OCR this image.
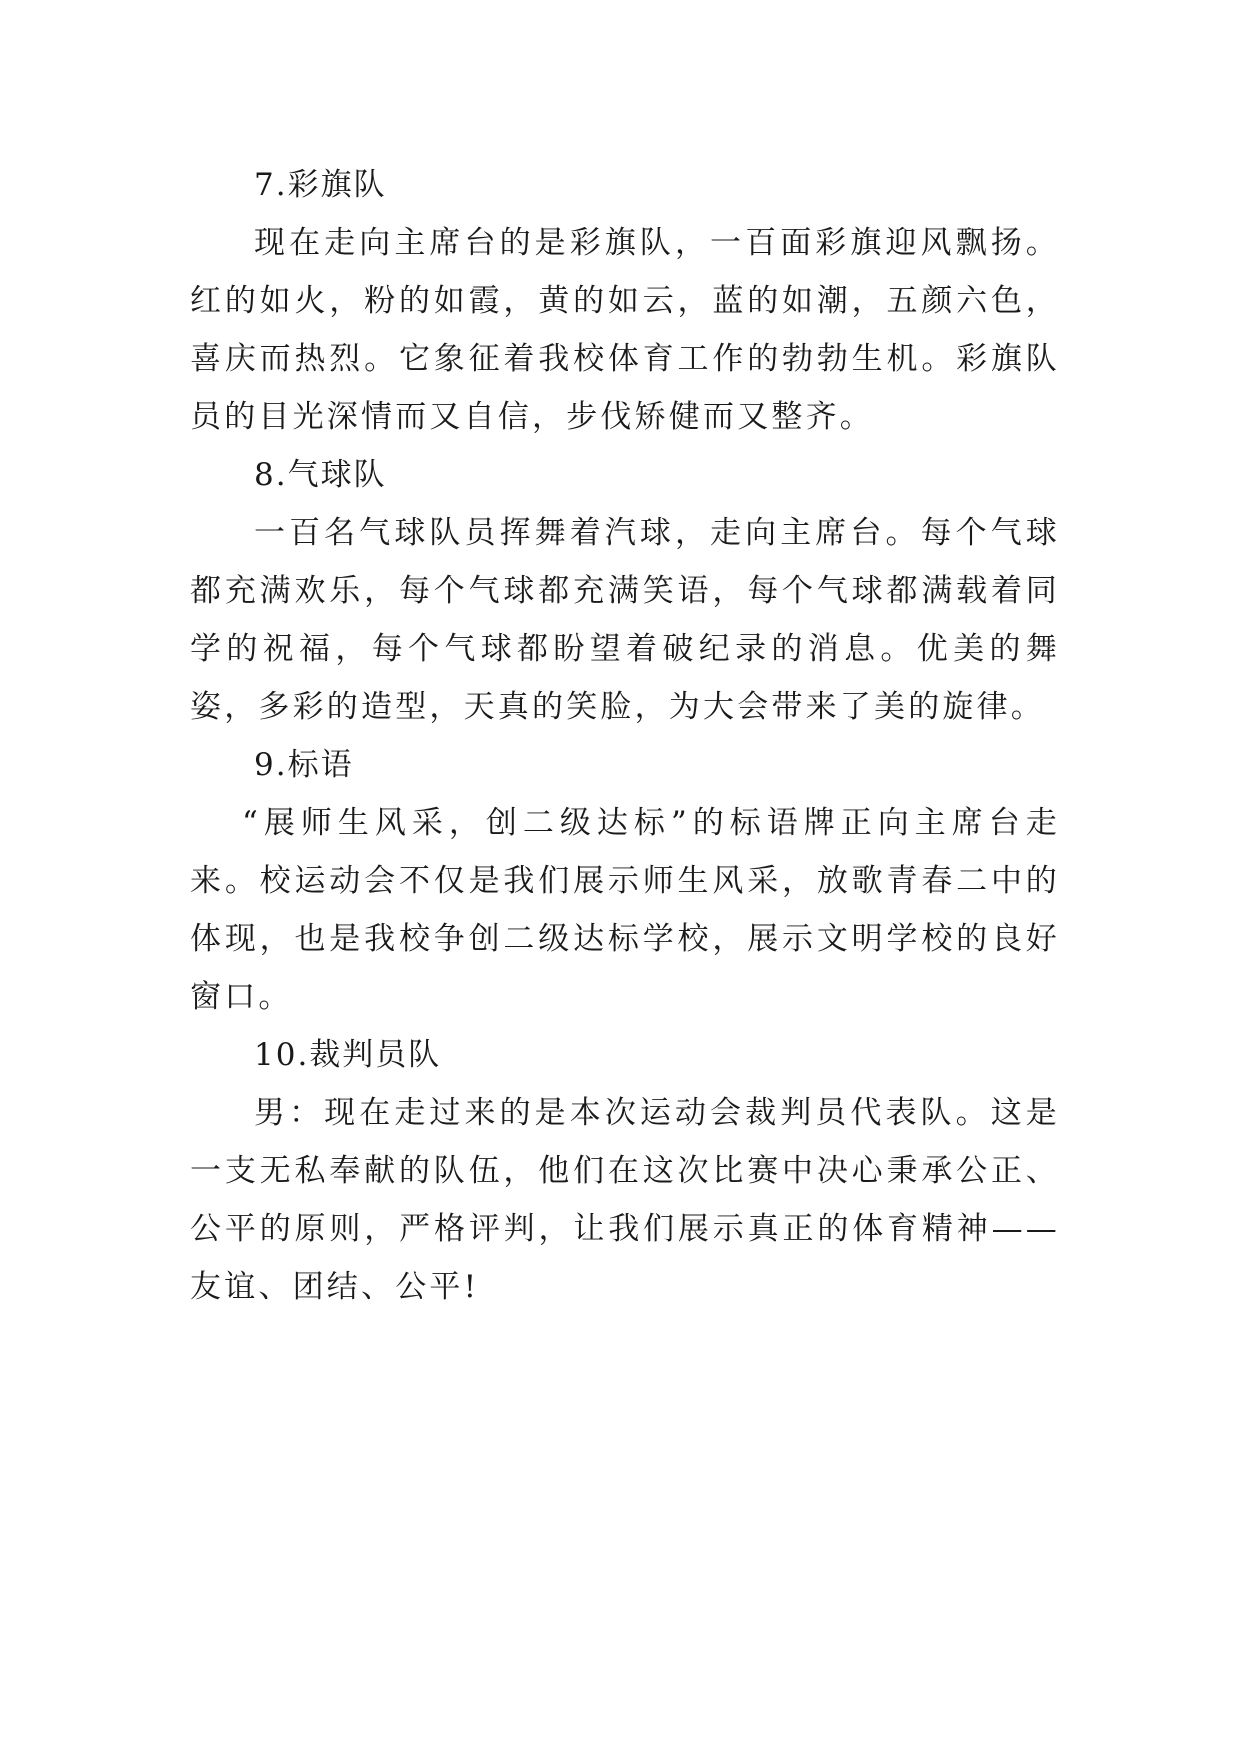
7.彩旗队

现在走向主席台的是彩旗队，一百面彩旗迎风飘扬。红的如火，粉的如霞，黄的如云，蓝的如潮，五颜六色，喜庆而热烈。它象征着我校体育工作的勃勃生机。彩旗队员的目光深情而又自信，步伐矫健而又整齐。

8.气球队

一百名气球队员挥舞着汽球，走向主席台。每个气球都充满欢乐，每个气球都充满笑语，每个气球都满载着同学的祝福，每个气球都盼望着破纪录的消息。优美的舞姿，多彩的造型，天真的笑脸，为大会带来了美的旋律。

9.标语

“展师生风采，创二级达标”的标语牌正向主席台走来。校运动会不仅是我们展示师生风采，放歌青春二中的体现，也是我校争创二级达标学校，展示文明学校的良好窗口。

10.裁判员队

男：现在走过来的是本次运动会裁判员代表队。这是一支无私奉献的队伍，他们在这次比赛中决心秉承公正、公平的原则，严格评判，让我们展示真正的体育精神——友谊、团结、公平!
